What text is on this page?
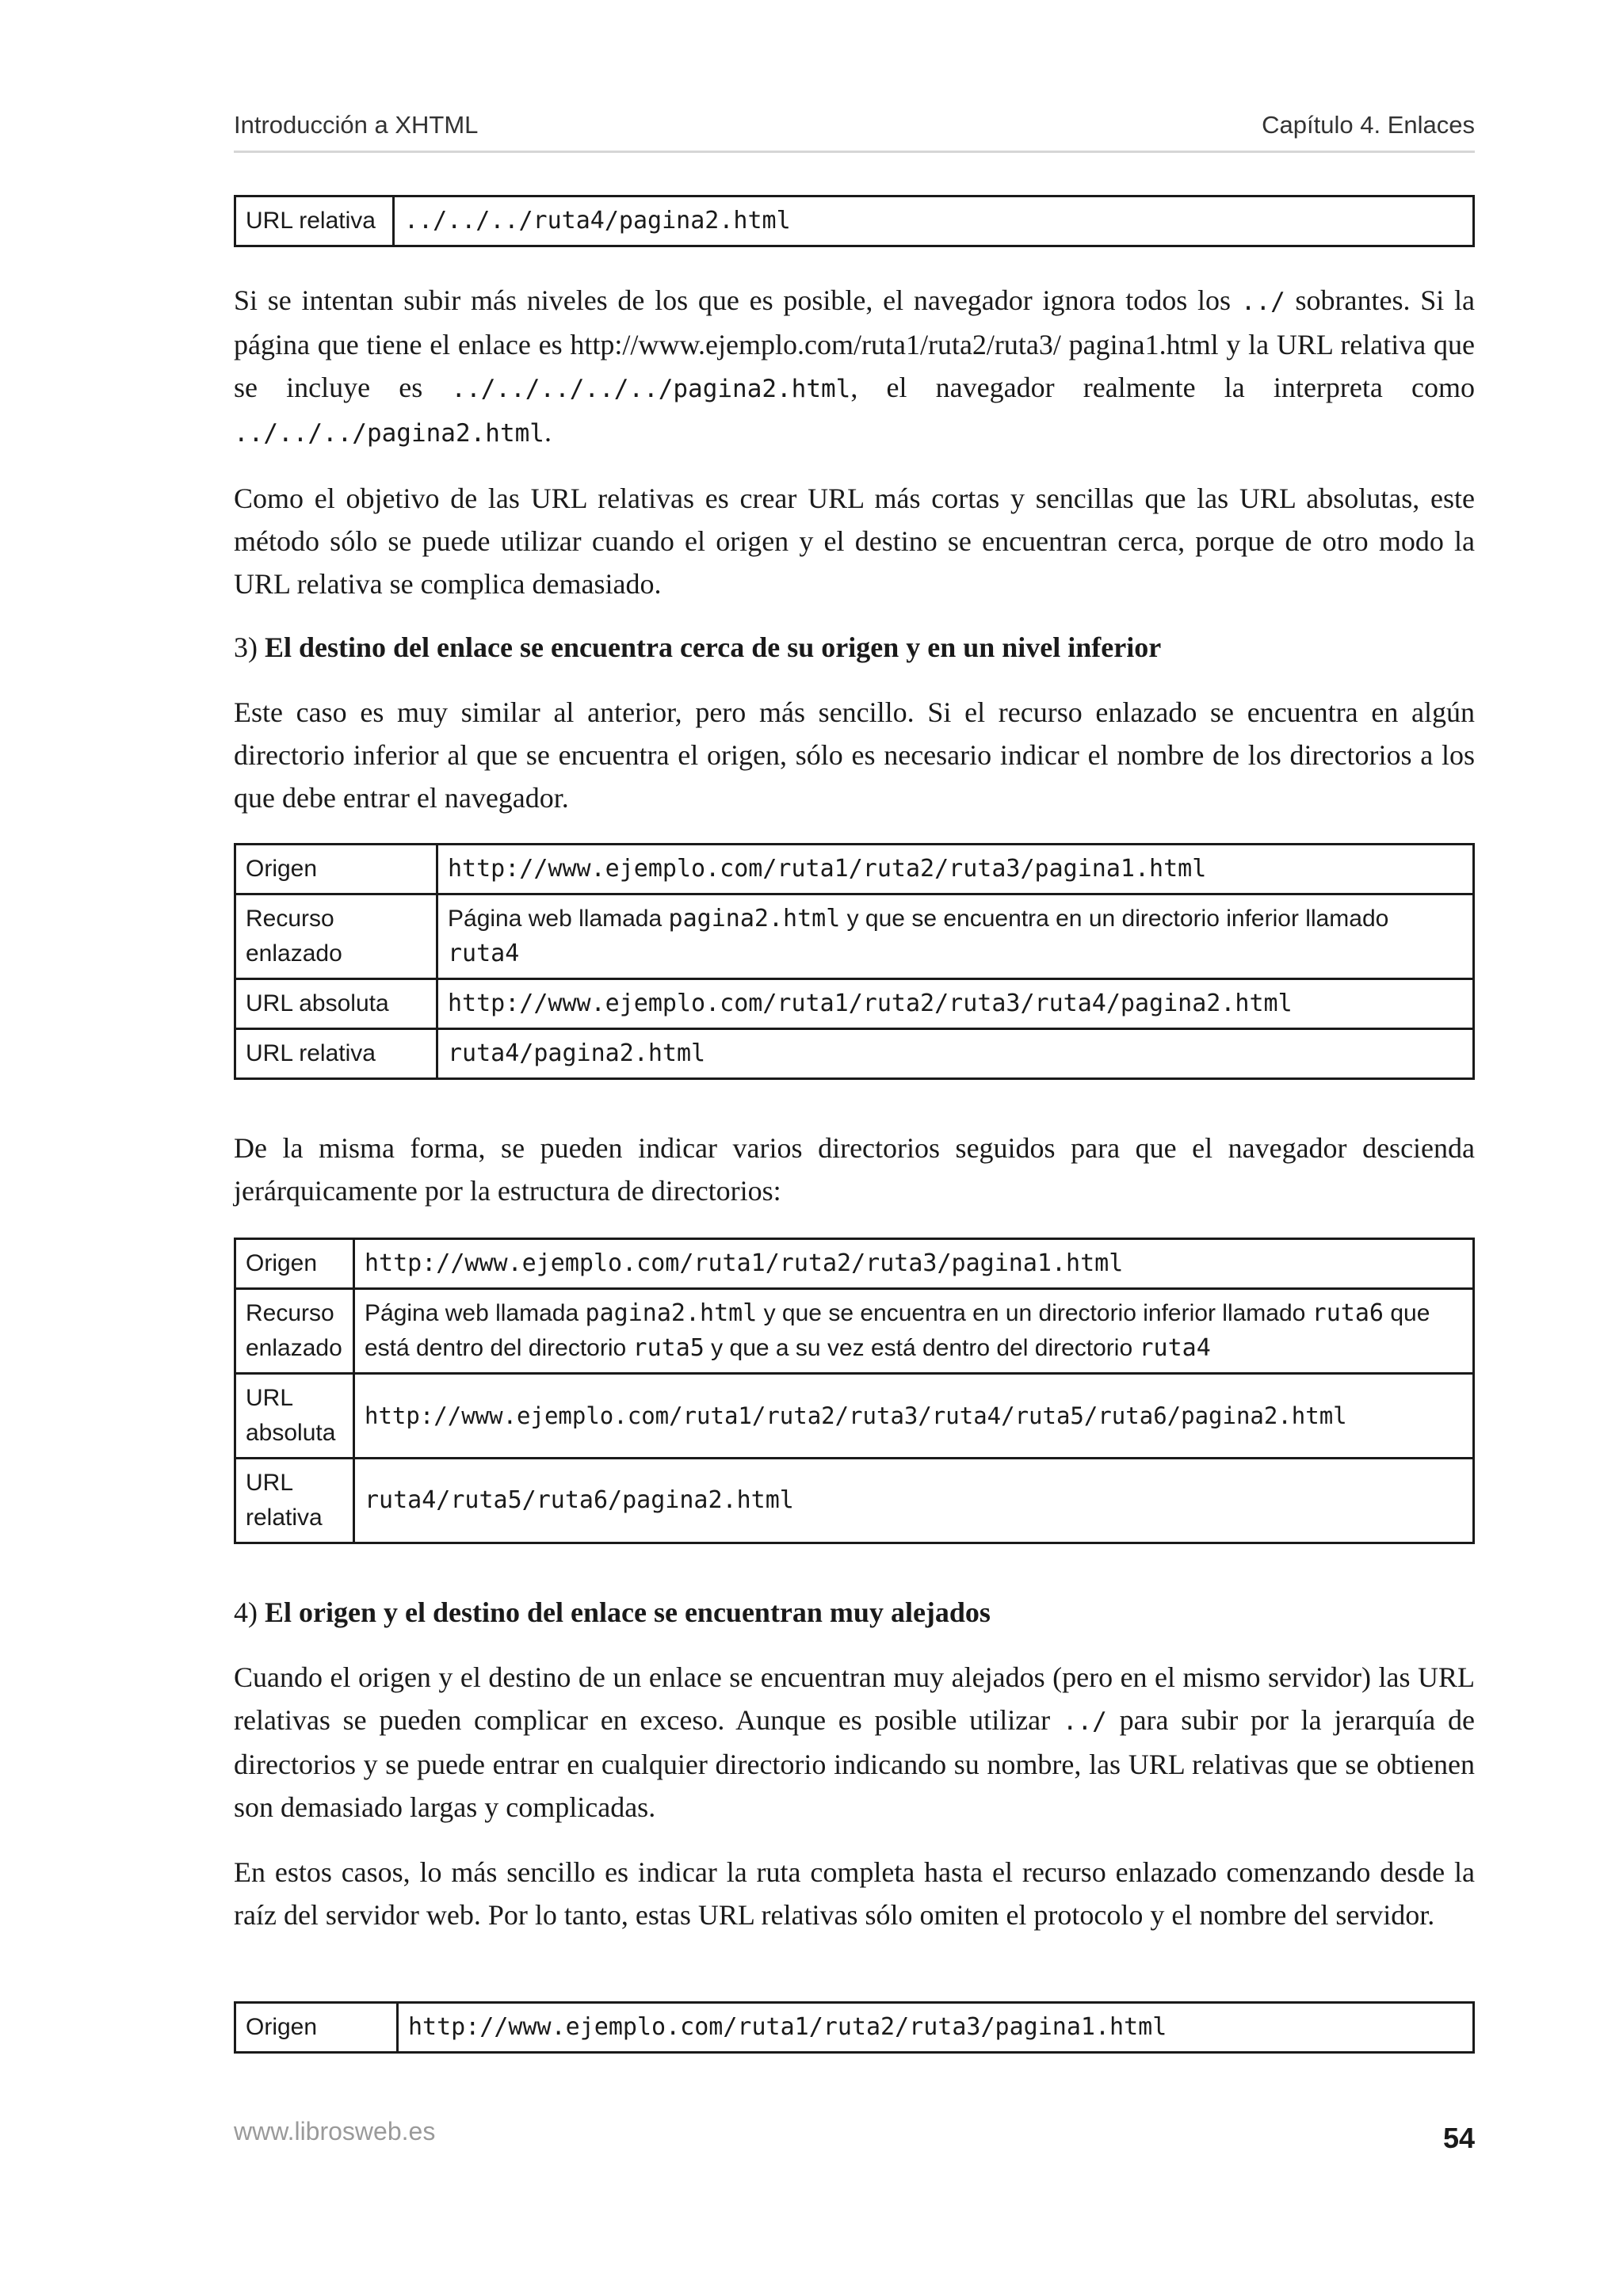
Introducción a XHTML	Capítulo 4. Enlaces
URL relativa	../../../ruta4/pagina2.html
Si se intentan subir más niveles de los que es posible, el navegador ignora todos los ../ sobrantes. Si la página que tiene el enlace es http://www.ejemplo.com/ruta1/ruta2/ruta3/ pagina1.html y la URL relativa que se incluye es ../../../../../pagina2.html, el navegador realmente la interpreta como ../../../pagina2.html.
Como el objetivo de las URL relativas es crear URL más cortas y sencillas que las URL absolutas, este método sólo se puede utilizar cuando el origen y el destino se encuentran cerca, porque de otro modo la URL relativa se complica demasiado.
3) El destino del enlace se encuentra cerca de su origen y en un nivel inferior
Este caso es muy similar al anterior, pero más sencillo. Si el recurso enlazado se encuentra en algún directorio inferior al que se encuentra el origen, sólo es necesario indicar el nombre de los directorios a los que debe entrar el navegador.
Origen	http://www.ejemplo.com/ruta1/ruta2/ruta3/pagina1.html
Recurso enlazado	Página web llamada pagina2.html y que se encuentra en un directorio inferior llamado ruta4
URL absoluta	http://www.ejemplo.com/ruta1/ruta2/ruta3/ruta4/pagina2.html
URL relativa	ruta4/pagina2.html
De la misma forma, se pueden indicar varios directorios seguidos para que el navegador descienda jerárquicamente por la estructura de directorios:
Origen	http://www.ejemplo.com/ruta1/ruta2/ruta3/pagina1.html
Recurso enlazado	Página web llamada pagina2.html y que se encuentra en un directorio inferior llamado ruta6 que está dentro del directorio ruta5 y que a su vez está dentro del directorio ruta4
URL absoluta	http://www.ejemplo.com/ruta1/ruta2/ruta3/ruta4/ruta5/ruta6/pagina2.html
URL relativa	ruta4/ruta5/ruta6/pagina2.html
4) El origen y el destino del enlace se encuentran muy alejados
Cuando el origen y el destino de un enlace se encuentran muy alejados (pero en el mismo servidor) las URL relativas se pueden complicar en exceso. Aunque es posible utilizar ../ para subir por la jerarquía de directorios y se puede entrar en cualquier directorio indicando su nombre, las URL relativas que se obtienen son demasiado largas y complicadas.
En estos casos, lo más sencillo es indicar la ruta completa hasta el recurso enlazado comenzando desde la raíz del servidor web. Por lo tanto, estas URL relativas sólo omiten el protocolo y el nombre del servidor.
Origen	http://www.ejemplo.com/ruta1/ruta2/ruta3/pagina1.html
www.librosweb.es	54
